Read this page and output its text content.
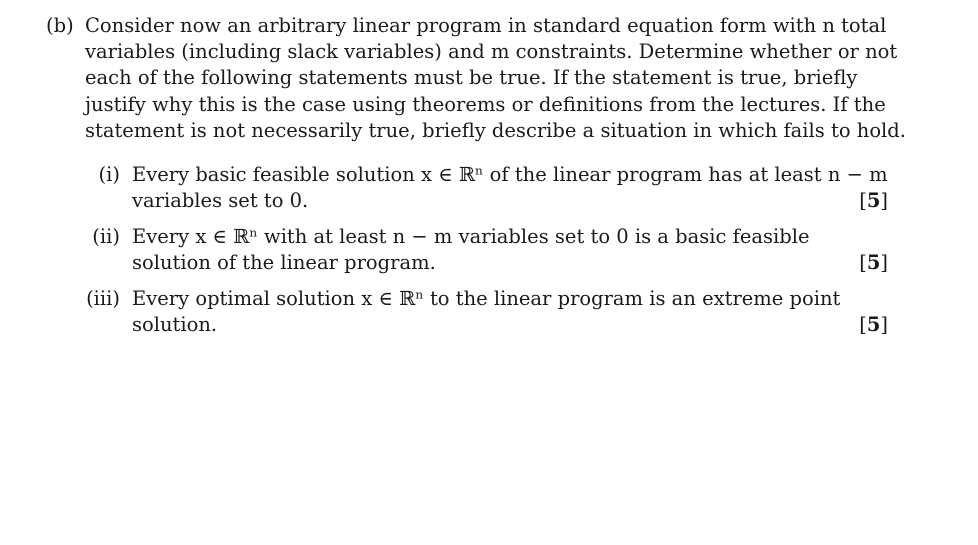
(b) Consider now an arbitrary linear program in standard equation form with n total
variables (including slack variables) and m constraints. Determine whether or not
each of the following statements must be true. If the statement is true, briefly
justify why this is the case using theorems or definitions from the lectures. If the
statement is not necessarily true, briefly describe a situation in which fails to hold.
(i) Every basic feasible solution x ∈ ℝⁿ of the linear program has at least n − m
variables set to 0.	[5]
(ii) Every x ∈ ℝⁿ with at least n − m variables set to 0 is a basic feasible
solution of the linear program.	[5]
(iii) Every optimal solution x ∈ ℝⁿ to the linear program is an extreme point
solution.	[5]
